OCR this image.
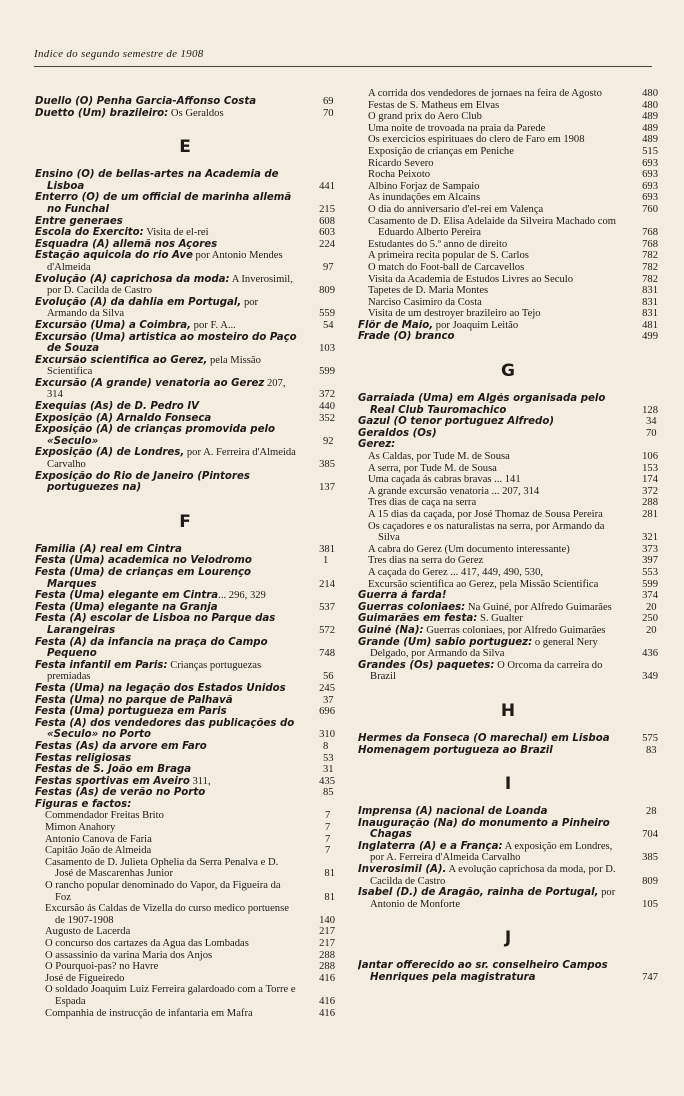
Indice do segundo semestre de 1908
Duello (O) Penha Garcia-Affonso Costa	69
Duetto (Um) brazileiro: Os Geraldos	70
E
Ensino (O) de bellas-artes na Academia de Lisboa	441
Enterro (O) de um official de marinha allemã no Funchal	215
Entre generaes	608
Escola do Exercito: Visita de el-rei	603
Esquadra (A) allemã nos Açores	224
Estação aquicola do rio Ave por Antonio Mendes d'Almeida	97
Evolução (A) caprichosa da moda: A Inverosimil, por D. Cacilda de Castro	809
Evolução (A) da dahlia em Portugal, por Armando da Silva	559
Excursão (Uma) a Coimbra, por F. A...	54
Excursão (Uma) artistica ao mosteiro do Paço de Souza	103
Excursão scientifica ao Gerez, pela Missão Scientifica	599
Excursão (A grande) venatoria ao Gerez 207, 314	372
Exequias (As) de D. Pedro IV	440
Exposição (A) Arnaldo Fonseca	352
Exposição (A) de crianças promovida pelo «Seculo»	92
Exposição (A) de Londres, por A. Ferreira d'Almeida Carvalho	385
Exposição do Rio de Janeiro (Pintores portuguezes na)	137
F
Familia (A) real em Cintra	381
Festa (Uma) academica no Velodromo	1
Festa (Uma) de crianças em Lourenço Marques	214
Festa (Uma) elegante em Cintra... 296, 329
Festa (Uma) elegante na Granja	537
Festa (A) escolar de Lisboa no Parque das Larangeiras	572
Festa (A) da infancia na praça do Campo Pequeno	748
Festa infantil em Paris: Crianças portuguezas premiadas	56
Festa (Uma) na legação dos Estados Unidos	245
Festa (Uma) no parque de Palhavã	37
Festa (Uma) portugueza em Paris	696
Festa (A) dos vendedores das publicações do «Seculo» no Porto	310
Festas (As) da arvore em Faro	8
Festas religiosas	53
Festas de S. João em Braga	31
Festas sportivas em Aveiro 311,	435
Festas (As) de verão no Porto	85
Figuras e factos:
Commendador Freitas Brito	7
Mimon Anahory	7
Antonio Canova de Faria	7
Capitão João de Almeida	7
Casamento de D. Julieta Ophelia da Serra Penalva e D. José de Mascarenhas Junior	81
O rancho popular denominado do Vapor, da Figueira da Foz	81
Excursão ás Caldas de Vizella do curso medico portuense de 1907-1908	140
Augusto de Lacerda	217
O concurso dos cartazes da Agua das Lombadas	217
O assassinio da varina Maria dos Anjos	288
O Pourquoi-pas? no Havre	288
José de Figueiredo	416
O soldado Joaquim Luiz Ferreira galardoado com a Torre e Espada	416
Companhia de instrucção de infantaria em Mafra	416
A corrida dos vendedores de jornaes na feira de Agosto	480
Festas de S. Matheus em Elvas	480
O grand prix do Aero Club	489
Uma noite de trovoada na praia da Parede	489
Os exercicios espirituaes do clero de Faro em 1908	489
Exposição de crianças em Peniche	515
Ricardo Severo	693
Rocha Peixoto	693
Albino Forjaz de Sampaio	693
As inundações em Alcains	693
O dia do anniversario d'el-rei em Valença	760
Casamento de D. Elisa Adelaide da Silveira Machado com Eduardo Alberto Pereira	768
Estudantes do 5.º anno de direito	768
A primeira recita popular de S. Carlos	782
O match do Foot-ball de Carcavellos	782
Visita da Academia de Estudos Livres ao Seculo	782
Tapetes de D. Maria Montes	831
Narciso Casimiro da Costa	831
Visita de um destroyer brazileiro ao Tejo	831
Flôr de Maio, por Joaquim Leitão	481
Frade (O) branco	499
G
Garraiada (Uma) em Algés organisada pelo Real Club Tauromachico	128
Gazul (O tenor portuguez Alfredo)	34
Geraldos (Os)	70
Gerez:
As Caldas, por Tude M. de Sousa	106
A serra, por Tude M. de Sousa	153
Uma caçada ás cabras bravas ... 141	174
A grande excursão venatoria ... 207, 314	372
Tres dias de caça na serra	288
A 15 dias da caçada, por José Thomaz de Sousa Pereira	281
Os caçadores e os naturalistas na serra, por Armando da Silva	321
A cabra do Gerez (Um documento interessante)	373
Tres dias na serra do Gerez	397
A caçada do Gerez ... 417, 449, 490, 530,	553
Excursão scientifica ao Gerez, pela Missão Scientifica	599
Guerra á farda!	374
Guerras coloniaes: Na Guiné, por Alfredo Guimarães	20
Guimarães em festa: S. Gualter	250
Guiné (Na): Guerras coloniaes, por Alfredo Guimarães	20
Grande (Um) sabio portuguez: o general Nery Delgado, por Armando da Silva	436
Grandes (Os) paquetes: O Orcoma da carreira do Brazil	349
H
Hermes da Fonseca (O marechal) em Lisboa	575
Homenagem portugueza ao Brazil	83
I
Imprensa (A) nacional de Loanda	28
Inauguração (Na) do monumento a Pinheiro Chagas	704
Inglaterra (A) e a França: A exposição em Londres, por A. Ferreira d'Almeida Carvalho	385
Inverosimil (A). A evolução caprichosa da moda, por D. Cacilda de Castro	809
Isabel (D.) de Aragão, rainha de Portugal, por Antonio de Monforte	105
J
Jantar offerecido ao sr. conselheiro Campos Henriques pela magistratura	747
